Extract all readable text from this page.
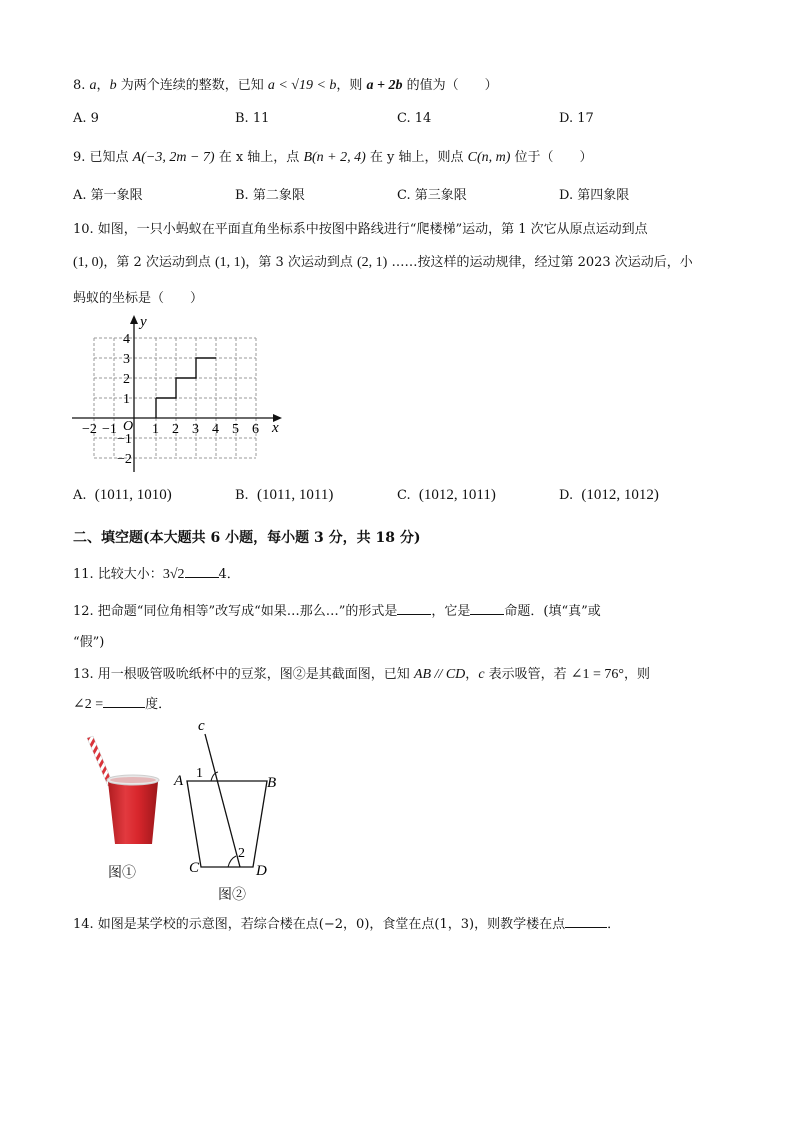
8. a，b 为两个连续的整数，已知 a < √19 < b，则 a + 2b 的值为（　　）
A. 9	B. 11	C. 14	D. 17
9. 已知点 A(−3, 2m − 7) 在 x 轴上，点 B(n + 2, 4) 在 y 轴上，则点 C(n, m) 位于（　　）
A. 第一象限	B. 第二象限	C. 第三象限	D. 第四象限
10. 如图，一只小蚂蚁在平面直角坐标系中按图中路线进行“爬楼梯”运动，第 1 次它从原点运动到点
(1, 0)，第 2 次运动到点 (1, 1)，第 3 次运动到点 (2, 1) ……按这样的运动规律，经过第 2023 次运动后，小
蚂蚁的坐标是（　　）
y
x
O
−2 −1	1 2 3 4 5 6
4
3
2
1
−1
−2
A. (1011, 1010)	B. (1011, 1011)	C. (1012, 1011)	D. (1012, 1012)
二、填空题(本大题共 6 小题，每小题 3 分，共 18 分)
11. 比较大小：3√2	4．
12. 把命题“同位角相等”改写成“如果…那么…”的形式是	，它是	命题．(填“真”或
“假”)
13. 用一根吸管吸吮纸杯中的豆浆，图②是其截面图，已知 AB // CD，c 表示吸管，若 ∠1 = 76°，则
∠2 =	度．
图①
c
A	B
C	D
1
2
图②
14. 如图是某学校的示意图，若综合楼在点(−2，0)，食堂在点(1，3)，则教学楼在点	．
